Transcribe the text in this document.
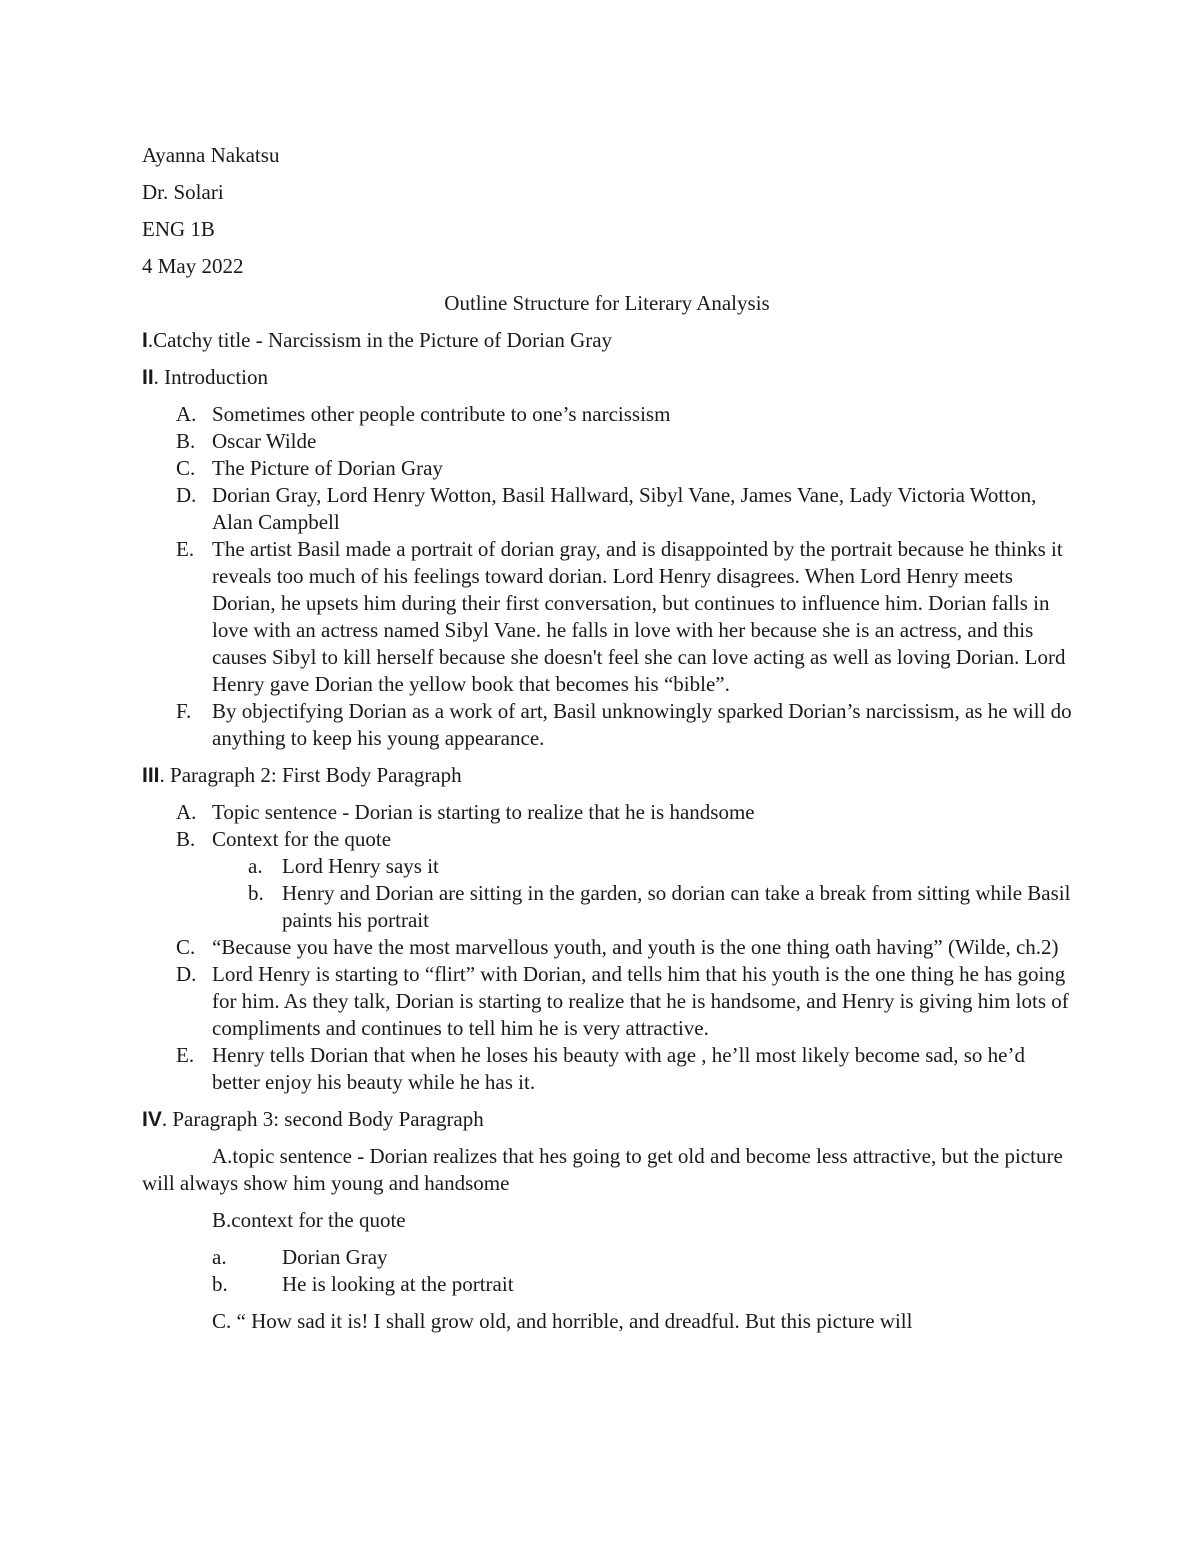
Ayanna Nakatsu

Dr. Solari

ENG 1B

4 May 2022

Outline Structure for Literary Analysis

I.Catchy title - Narcissism in the Picture of Dorian Gray

II. Introduction

A. Sometimes other people contribute to one’s narcissism
B. Oscar Wilde
C. The Picture of Dorian Gray
D. Dorian Gray, Lord Henry Wotton, Basil Hallward, Sibyl Vane, James Vane, Lady Victoria Wotton, Alan Campbell
E. The artist Basil made a portrait of dorian gray, and is disappointed by the portrait because he thinks it reveals too much of his feelings toward dorian. Lord Henry disagrees. When Lord Henry meets Dorian, he upsets him during their first conversation, but continues to influence him. Dorian falls in love with an actress named Sibyl Vane. he falls in love with her because she is an actress, and this causes Sibyl to kill herself because she doesn't feel she can love acting as well as loving Dorian. Lord Henry gave Dorian the yellow book that becomes his “bible”.
F. By objectifying Dorian as a work of art, Basil unknowingly sparked Dorian’s narcissism, as he will do anything to keep his young appearance.

III. Paragraph 2: First Body Paragraph

A. Topic sentence - Dorian is starting to realize that he is handsome
B. Context for the quote
a. Lord Henry says it
b. Henry and Dorian are sitting in the garden, so dorian can take a break from sitting while Basil paints his portrait
C. “Because you have the most marvellous youth, and youth is the one thing oath having” (Wilde, ch.2)
D. Lord Henry is starting to “flirt” with Dorian, and tells him that his youth is the one thing he has going for him. As they talk, Dorian is starting to realize that he is handsome, and Henry is giving him lots of compliments and continues to tell him he is very attractive.
E. Henry tells Dorian that when he loses his beauty with age , he’ll most likely become sad, so he’d better enjoy his beauty while he has it.

IV. Paragraph 3: second Body Paragraph

A.topic sentence - Dorian realizes that hes going to get old and become less attractive, but the picture will always show him young and handsome

B.context for the quote

a.	Dorian Gray
b.	He is looking at the portrait

C. “ How sad it is! I shall grow old, and horrible, and dreadful. But this picture will
